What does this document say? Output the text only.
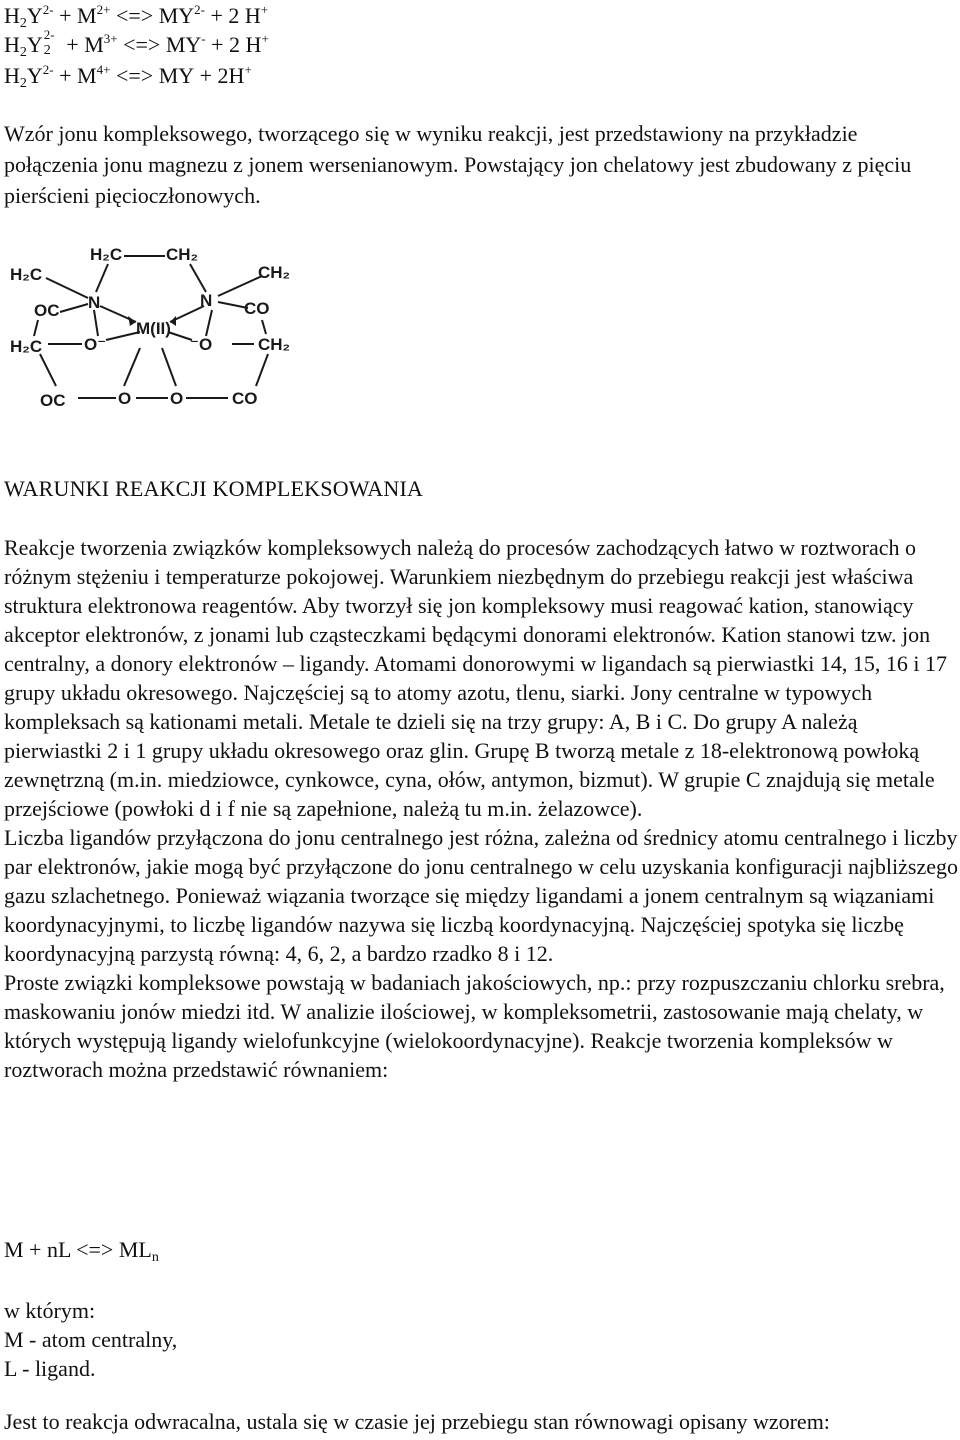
$H_2Y^{2-} + M^{2+}$ <=> $MY^{2-} + 2$ H+
$H_2Y$ 2-
$2 + M^{3+}$ <=> MY- + 2 H+
$H_2Y^{2-} + M^{4+}$ <=> MY + 2H+

Wzór jonu kompleksowego, tworzącego się w wyniku reakcji, jest przedstawiony na przykładzie połączenia jonu magnezu z jonem wersenianowym. Powstający jon chelatowy jest zbudowany z pięciu pierścieni pięcioczłonowych.

H₂C	CH₂
H₂C	CH₂
N	N
OC	CO
M(II)
H₂C	CH₂
O⁻	⁻O
OC	O O	CO
WARUNKI REAKCJI KOMPLEKSOWANIA

Reakcje tworzenia związków kompleksowych należą do procesów zachodzących łatwo w roztworach o różnym stężeniu i temperaturze pokojowej. Warunkiem niezbędnym do przebiegu reakcji jest właściwa struktura elektronowa reagentów. Aby tworzył się jon kompleksowy musi reagować kation, stanowiący akceptor elektronów, z jonami lub cząsteczkami będącymi donorami elektronów. Kation stanowi tzw. jon centralny, a donory elektronów – ligandy. Atomami donorowymi w ligandach są pierwiastki 14, 15, 16 i 17 grupy układu okresowego. Najczęściej są to atomy azotu, tlenu, siarki. Jony centralne w typowych kompleksach są kationami metali. Metale te dzieli się na trzy grupy: A, B i C. Do grupy A należą pierwiastki 2 i 1 grupy układu okresowego oraz glin. Grupę B tworzą metale z 18-elektronową powłoką zewnętrzną (m.in. miedziowce, cynkowce, cyna, ołów, antymon, bizmut). W grupie C znajdują się metale przejściowe (powłoki d i f nie są zapełnione, należą tu m.in. żelazowce).

Liczba ligandów przyłączona do jonu centralnego jest różna, zależna od średnicy atomu centralnego i liczby par elektronów, jakie mogą być przyłączone do jonu centralnego w celu uzyskania konfiguracji najbliższego gazu szlachetnego. Ponieważ wiązania tworzące się między ligandami a jonem centralnym są wiązaniami koordynacyjnymi, to liczbę ligandów nazywa się liczbą koordynacyjną. Najczęściej spotyka się liczbę koordynacyjną parzystą równą: 4, 6, 2, a bardzo rzadko 8 i 12.

Proste związki kompleksowe powstają w badaniach jakościowych, np.: przy rozpuszczaniu chlorku srebra, maskowaniu jonów miedzi itd. W analizie ilościowej, w kompleksometrii, zastosowanie mają chelaty, w których występują ligandy wielofunkcyjne (wielokoordynacyjne). Reakcje tworzenia kompleksów w roztworach można przedstawić równaniem:

M + nL <=> $ML_n$

w którym:

M - atom centralny,

L - ligand.

Jest to reakcja odwracalna, ustala się w czasie jej przebiegu stan równowagi opisany wzorem:
